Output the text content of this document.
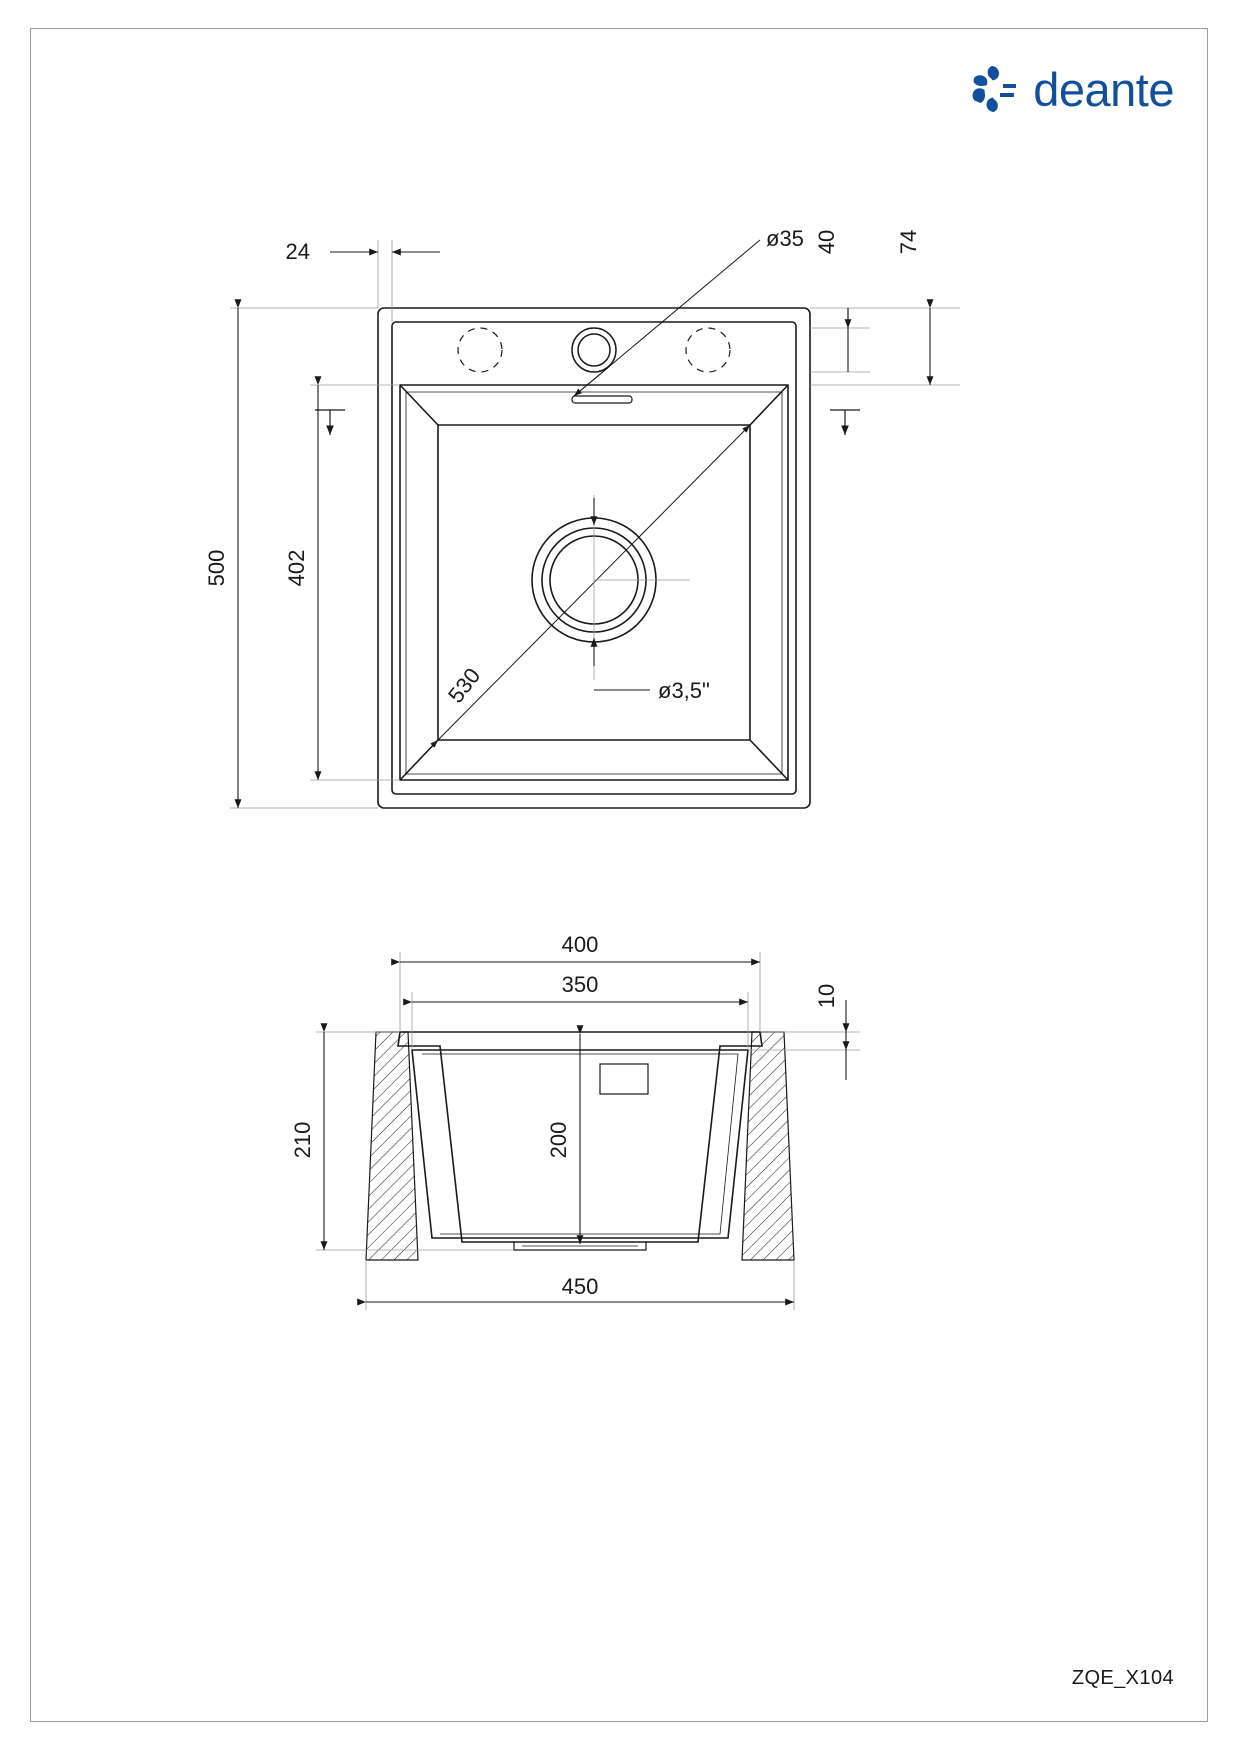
deante
500	402
24
ø35 40	74
530	ø3,5"
400
350
450
210	200
10
ZQE_X104
